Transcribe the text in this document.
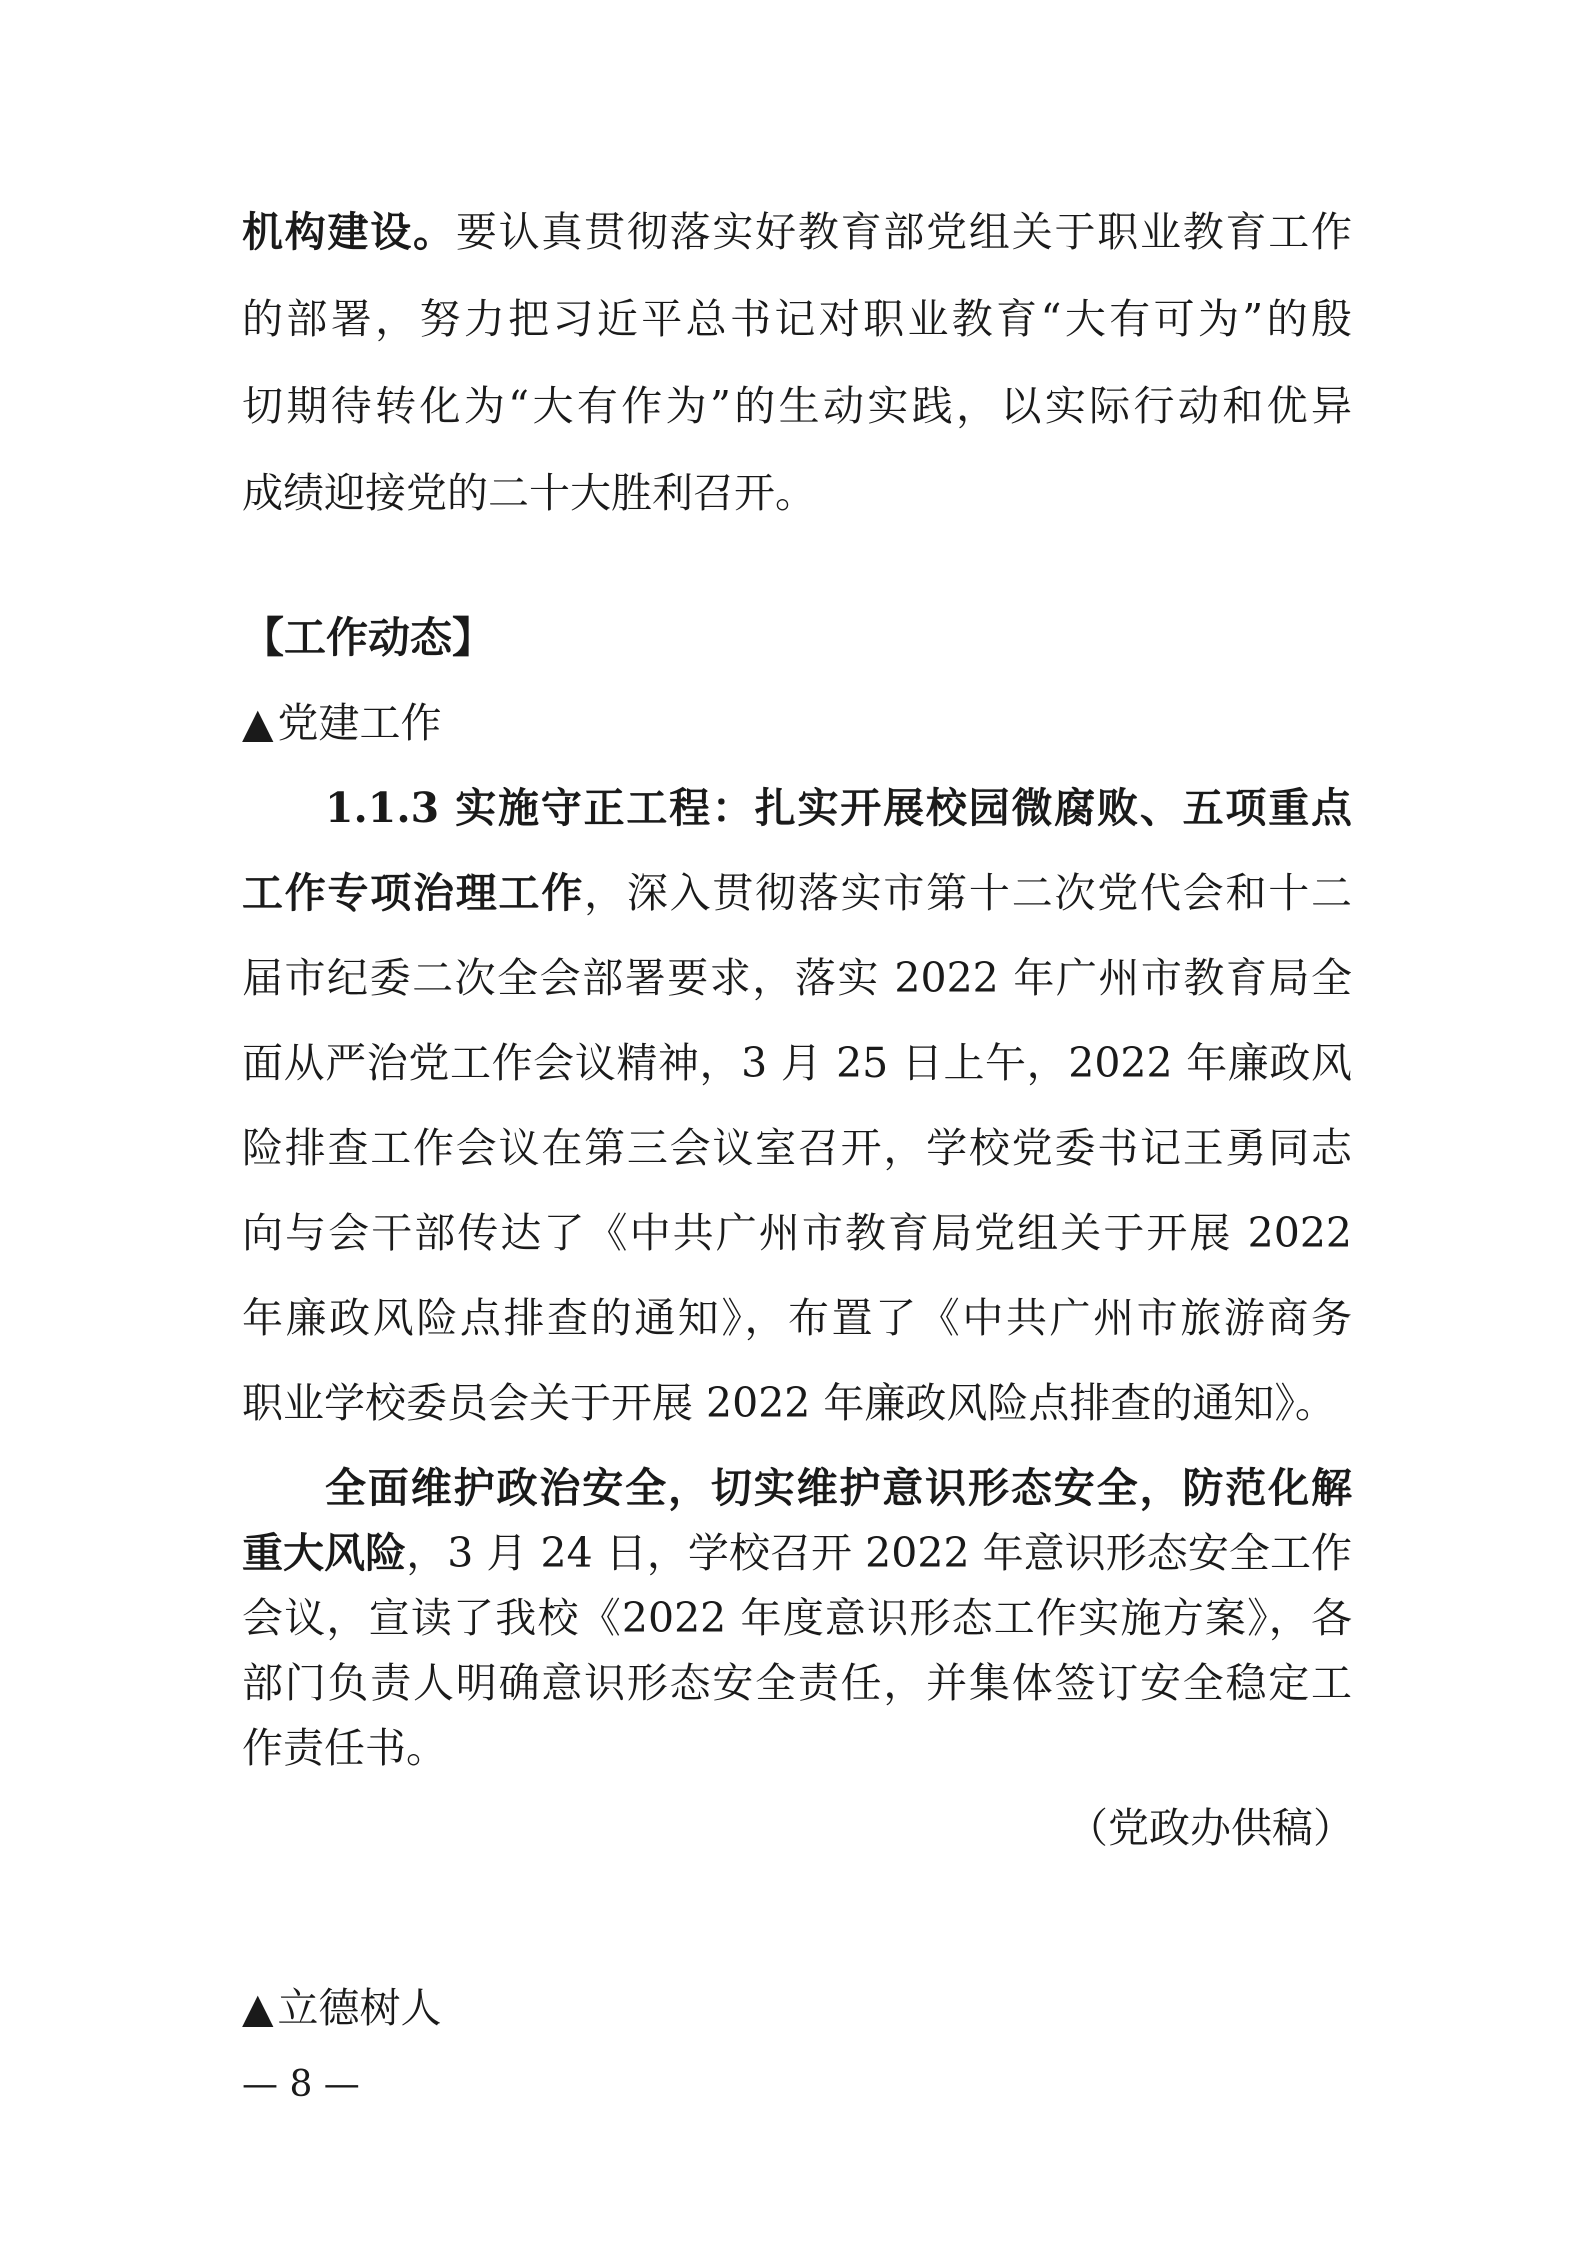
机构建设。要认真贯彻落实好教育部党组关于职业教育工作
的部署，努力把习近平总书记对职业教育“大有可为”的殷
切期待转化为“大有作为”的生动实践，以实际行动和优异
成绩迎接党的二十大胜利召开。
【工作动态】
▲党建工作
1.1.3 实施守正工程：扎实开展校园微腐败、五项重点
工作专项治理工作，深入贯彻落实市第十二次党代会和十二
届市纪委二次全会部署要求，落实 2022 年广州市教育局全
面从严治党工作会议精神，3 月 25 日上午，2022 年廉政风
险排查工作会议在第三会议室召开，学校党委书记王勇同志
向与会干部传达了《中共广州市教育局党组关于开展 2022
年廉政风险点排查的通知》，布置了《中共广州市旅游商务
职业学校委员会关于开展 2022 年廉政风险点排查的通知》。
全面维护政治安全，切实维护意识形态安全，防范化解
重大风险，3 月 24 日，学校召开 2022 年意识形态安全工作
会议，宣读了我校《2022 年度意识形态工作实施方案》，各
部门负责人明确意识形态安全责任，并集体签订安全稳定工
作责任书。
（党政办供稿）
▲立德树人
— 8 —
